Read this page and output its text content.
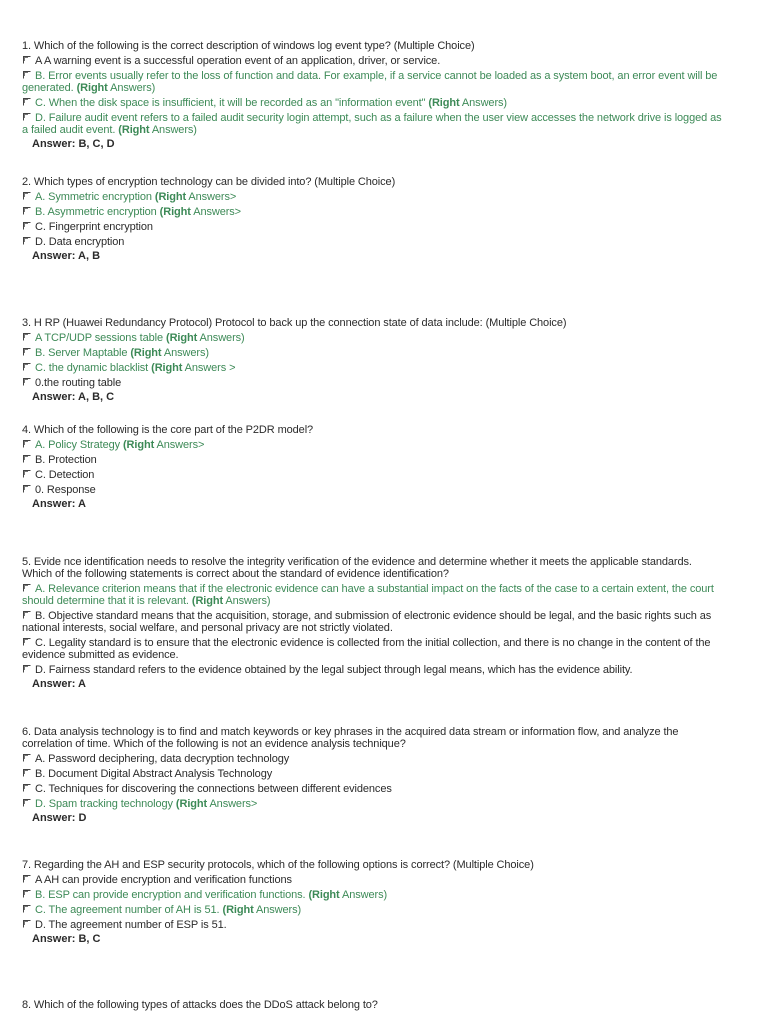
1. Which of the following is the correct description of windows log event type? (Multiple Choice)
A A warning event is a successful operation event of an application, driver, or service.
B. Error events usually refer to the loss of function and data. For example, if a service cannot be loaded as a system boot, an error event will be generated. (Right Answers)
C. When the disk space is insufficient, it will be recorded as an "information event" (Right Answers)
D. Failure audit event refers to a failed audit security login attempt, such as a failure when the user view accesses the network drive is logged as a failed audit event. (Right Answers)
Answer: B, C, D
2. Which types of encryption technology can be divided into? (Multiple Choice)
A. Symmetric encryption (Right Answers>
B. Asymmetric encryption (Right Answers>
C. Fingerprint encryption
D. Data encryption
Answer: A, B
3. H RP (Huawei Redundancy Protocol) Protocol to back up the connection state of data include: (Multiple Choice)
A TCP/UDP sessions table (Right Answers)
B. Server Maptable (Right Answers)
C. the dynamic blacklist (Right Answers >
0.the routing table
Answer: A, B, C
4. Which of the following is the core part of the P2DR model?
A. Policy Strategy (Right Answers>
B. Protection
C. Detection
0. Response
Answer: A
5. Evide nce identification needs to resolve the integrity verification of the evidence and determine whether it meets the applicable standards. Which of the following statements is correct about the standard of evidence identification?
A. Relevance criterion means that if the electronic evidence can have a substantial impact on the facts of the case to a certain extent, the court should determine that it is relevant. (Right Answers)
B. Objective standard means that the acquisition, storage, and submission of electronic evidence should be legal, and the basic rights such as national interests, social welfare, and personal privacy are not strictly violated.
C. Legality standard is to ensure that the electronic evidence is collected from the initial collection, and there is no change in the content of the evidence submitted as evidence.
D. Fairness standard refers to the evidence obtained by the legal subject through legal means, which has the evidence ability.
Answer: A
6. Data analysis technology is to find and match keywords or key phrases in the acquired data stream or information flow, and analyze the correlation of time. Which of the following is not an evidence analysis technique?
A. Password deciphering, data decryption technology
B. Document Digital Abstract Analysis Technology
C. Techniques for discovering the connections between different evidences
D. Spam tracking technology (Right Answers>
Answer: D
7. Regarding the AH and ESP security protocols, which of the following options is correct? (Multiple Choice)
A AH can provide encryption and verification functions
B. ESP can provide encryption and verification functions. (Right Answers)
C. The agreement number of AH is 51. (Right Answers)
D. The agreement number of ESP is 51.
Answer: B, C
8. Which of the following types of attacks does the DDoS attack belong to?
